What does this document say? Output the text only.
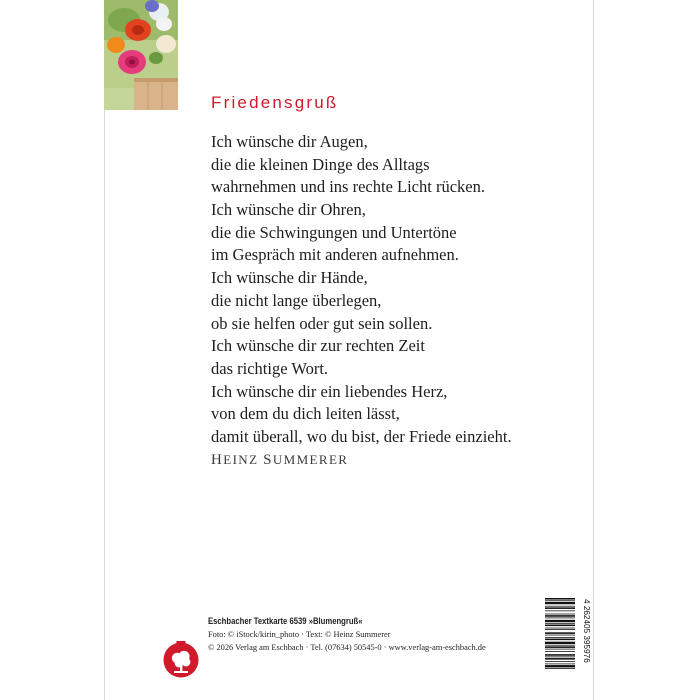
Friedensgruß
Ich wünsche dir Augen,
die die kleinen Dinge des Alltags
wahrnehmen und ins rechte Licht rücken.
Ich wünsche dir Ohren,
die die Schwingungen und Untertöne
im Gespräch mit anderen aufnehmen.
Ich wünsche dir Hände,
die nicht lange überlegen,
ob sie helfen oder gut sein sollen.
Ich wünsche dir zur rechten Zeit
das richtige Wort.
Ich wünsche dir ein liebendes Herz,
von dem du dich leiten lässt,
damit überall, wo du bist, der Friede einzieht.
HEINZ SUMMERER
Eschbacher Textkarte 6539 »Blumengruß«
Foto: © iStock/kirin_photo · Text: © Heinz Summerer
© 2026 Verlag am Eschbach · Tel. (07634) 50545-0 · www.verlag-am-eschbach.de	4 262405 395976
